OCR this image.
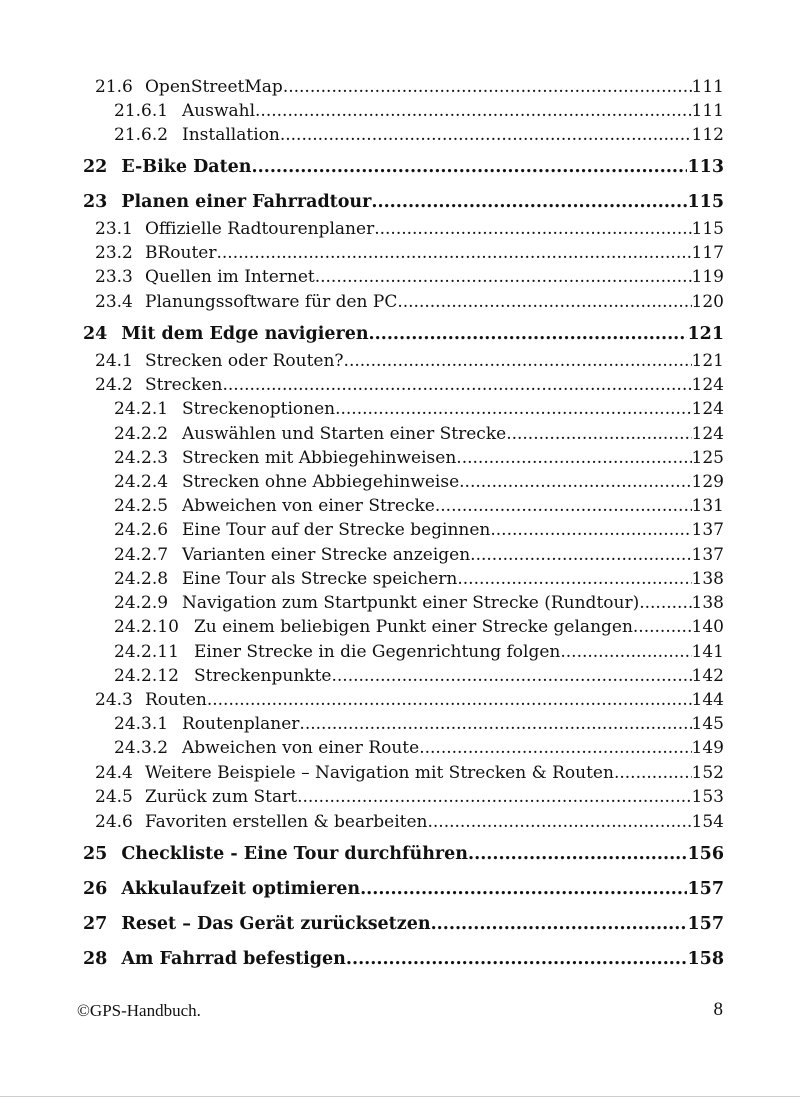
21.6 OpenStreetMap .....	111
21.6.1 Auswahl .....	111
21.6.2 Installation .....	112
22 E-Bike Daten .....	113
23 Planen einer Fahrradtour .....	115
23.1 Offizielle Radtourenplaner .....	115
23.2 BRouter .....	117
23.3 Quellen im Internet .....	119
23.4 Planungssoftware für den PC .....	120
24 Mit dem Edge navigieren .....	121
24.1 Strecken oder Routen? .....	121
24.2 Strecken .....	124
24.2.1 Streckenoptionen .....	124
24.2.2 Auswählen und Starten einer Strecke .....	124
24.2.3 Strecken mit Abbiegehinweisen .....	125
24.2.4 Strecken ohne Abbiegehinweise .....	129
24.2.5 Abweichen von einer Strecke .....	131
24.2.6 Eine Tour auf der Strecke beginnen .....	137
24.2.7 Varianten einer Strecke anzeigen .....	137
24.2.8 Eine Tour als Strecke speichern .....	138
24.2.9 Navigation zum Startpunkt einer Strecke (Rundtour) .....	138
24.2.10 Zu einem beliebigen Punkt einer Strecke gelangen .....	140
24.2.11 Einer Strecke in die Gegenrichtung folgen .....	141
24.2.12 Streckenpunkte .....	142
24.3 Routen .....	144
24.3.1 Routenplaner .....	145
24.3.2 Abweichen von einer Route .....	149
24.4 Weitere Beispiele – Navigation mit Strecken & Routen .....	152
24.5 Zurück zum Start .....	153
24.6 Favoriten erstellen & bearbeiten .....	154
25 Checkliste - Eine Tour durchführen .....	156
26 Akkulaufzeit optimieren .....	157
27 Reset – Das Gerät zurücksetzen .....	157
28 Am Fahrrad befestigen .....	158
©GPS-Handbuch.	8
